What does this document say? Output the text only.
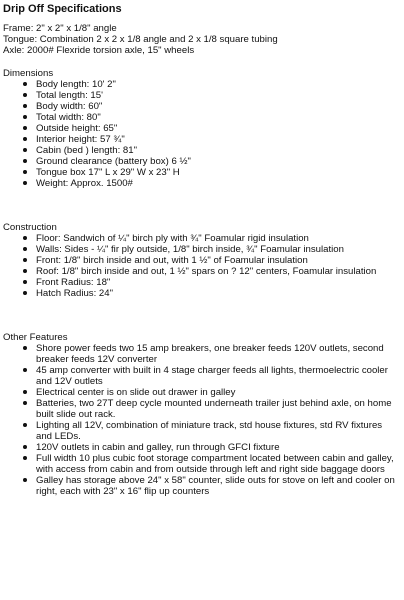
Drip Off Specifications

Frame: 2" x 2" x 1/8" angle

Tongue: Combination 2 x 2 x 1/8 angle and 2 x 1/8 square tubing

Axle: 2000# Flexride torsion axle, 15" wheels

Dimensions

Body length: 10' 2"
Total length: 15'
Body width: 60"
Total width: 80"
Outside height: 65"
Interior height: 57 ¾"
Cabin (bed ) length: 81"
Ground clearance (battery box) 6 ½"
Tongue box 17" L x 29" W x 23" H
Weight: Approx. 1500#

Construction

Floor: Sandwich of ¼" birch ply with ¾" Foamular rigid insulation
Walls: Sides - ¼" fir ply outside, 1/8" birch inside, ¾" Foamular insulation
Front: 1/8" birch inside and out, with 1 ½" of Foamular insulation
Roof: 1/8" birch inside and out, 1 ½" spars on ? 12" centers, Foamular insulation
Front Radius: 18"
Hatch Radius: 24"

Other Features

Shore power feeds two 15 amp breakers, one breaker feeds 120V outlets, second breaker feeds 12V converter
45 amp converter with built in 4 stage charger feeds all lights, thermoelectric cooler and 12V outlets
Electrical center is on slide out drawer in galley
Batteries, two 27T deep cycle mounted underneath trailer just behind axle, on home built slide out rack.
Lighting all 12V, combination of miniature track, std house fixtures, std RV fixtures and LEDs.
120V outlets in cabin and galley, run through GFCI fixture
Full width 10 plus cubic foot storage compartment located between cabin and galley, with access from cabin and from outside through left and right side baggage doors
Galley has storage above 24" x 58" counter, slide outs for stove on left and cooler on right, each with 23" x 16" flip up counters
